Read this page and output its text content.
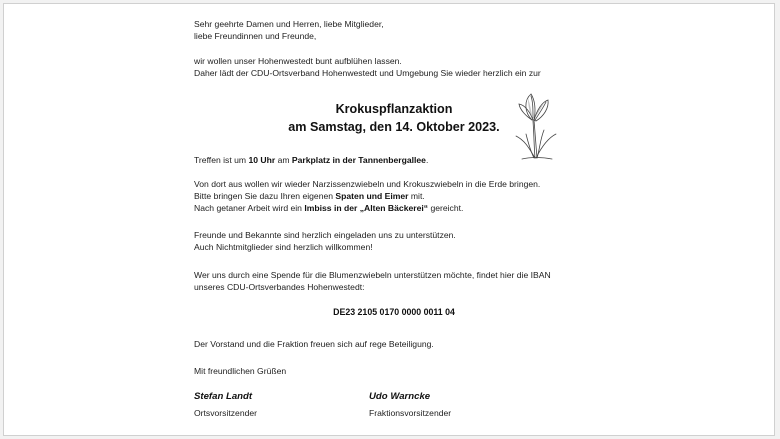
Sehr geehrte Damen und Herren, liebe Mitglieder,
liebe Freundinnen und Freunde,
wir wollen unser Hohenwestedt bunt aufblühen lassen.
Daher lädt der CDU-Ortsverband Hohenwestedt und Umgebung Sie wieder herzlich ein zur
Krokuspflanzaktion
am Samstag, den 14. Oktober 2023.
Treffen ist um 10 Uhr am Parkplatz in der Tannenbergallee.
Von dort aus wollen wir wieder Narzissenzwiebeln und Krokuszwiebeln in die Erde bringen.
Bitte bringen Sie dazu Ihren eigenen Spaten und Eimer mit.
Nach getaner Arbeit wird ein Imbiss in der „Alten Bäckerei“ gereicht.
Freunde und Bekannte sind herzlich eingeladen uns zu unterstützen.
Auch Nichtmitglieder sind herzlich willkommen!
Wer uns durch eine Spende für die Blumenzwiebeln unterstützen möchte, findet hier die IBAN
unseres CDU-Ortsverbandes Hohenwestedt:
DE23 2105 0170 0000 0011 04
Der Vorstand und die Fraktion freuen sich auf rege Beteiligung.
Mit freundlichen Grüßen
Stefan Landt
Ortsvorsitzender
Udo Warncke
Fraktionsvorsitzender
